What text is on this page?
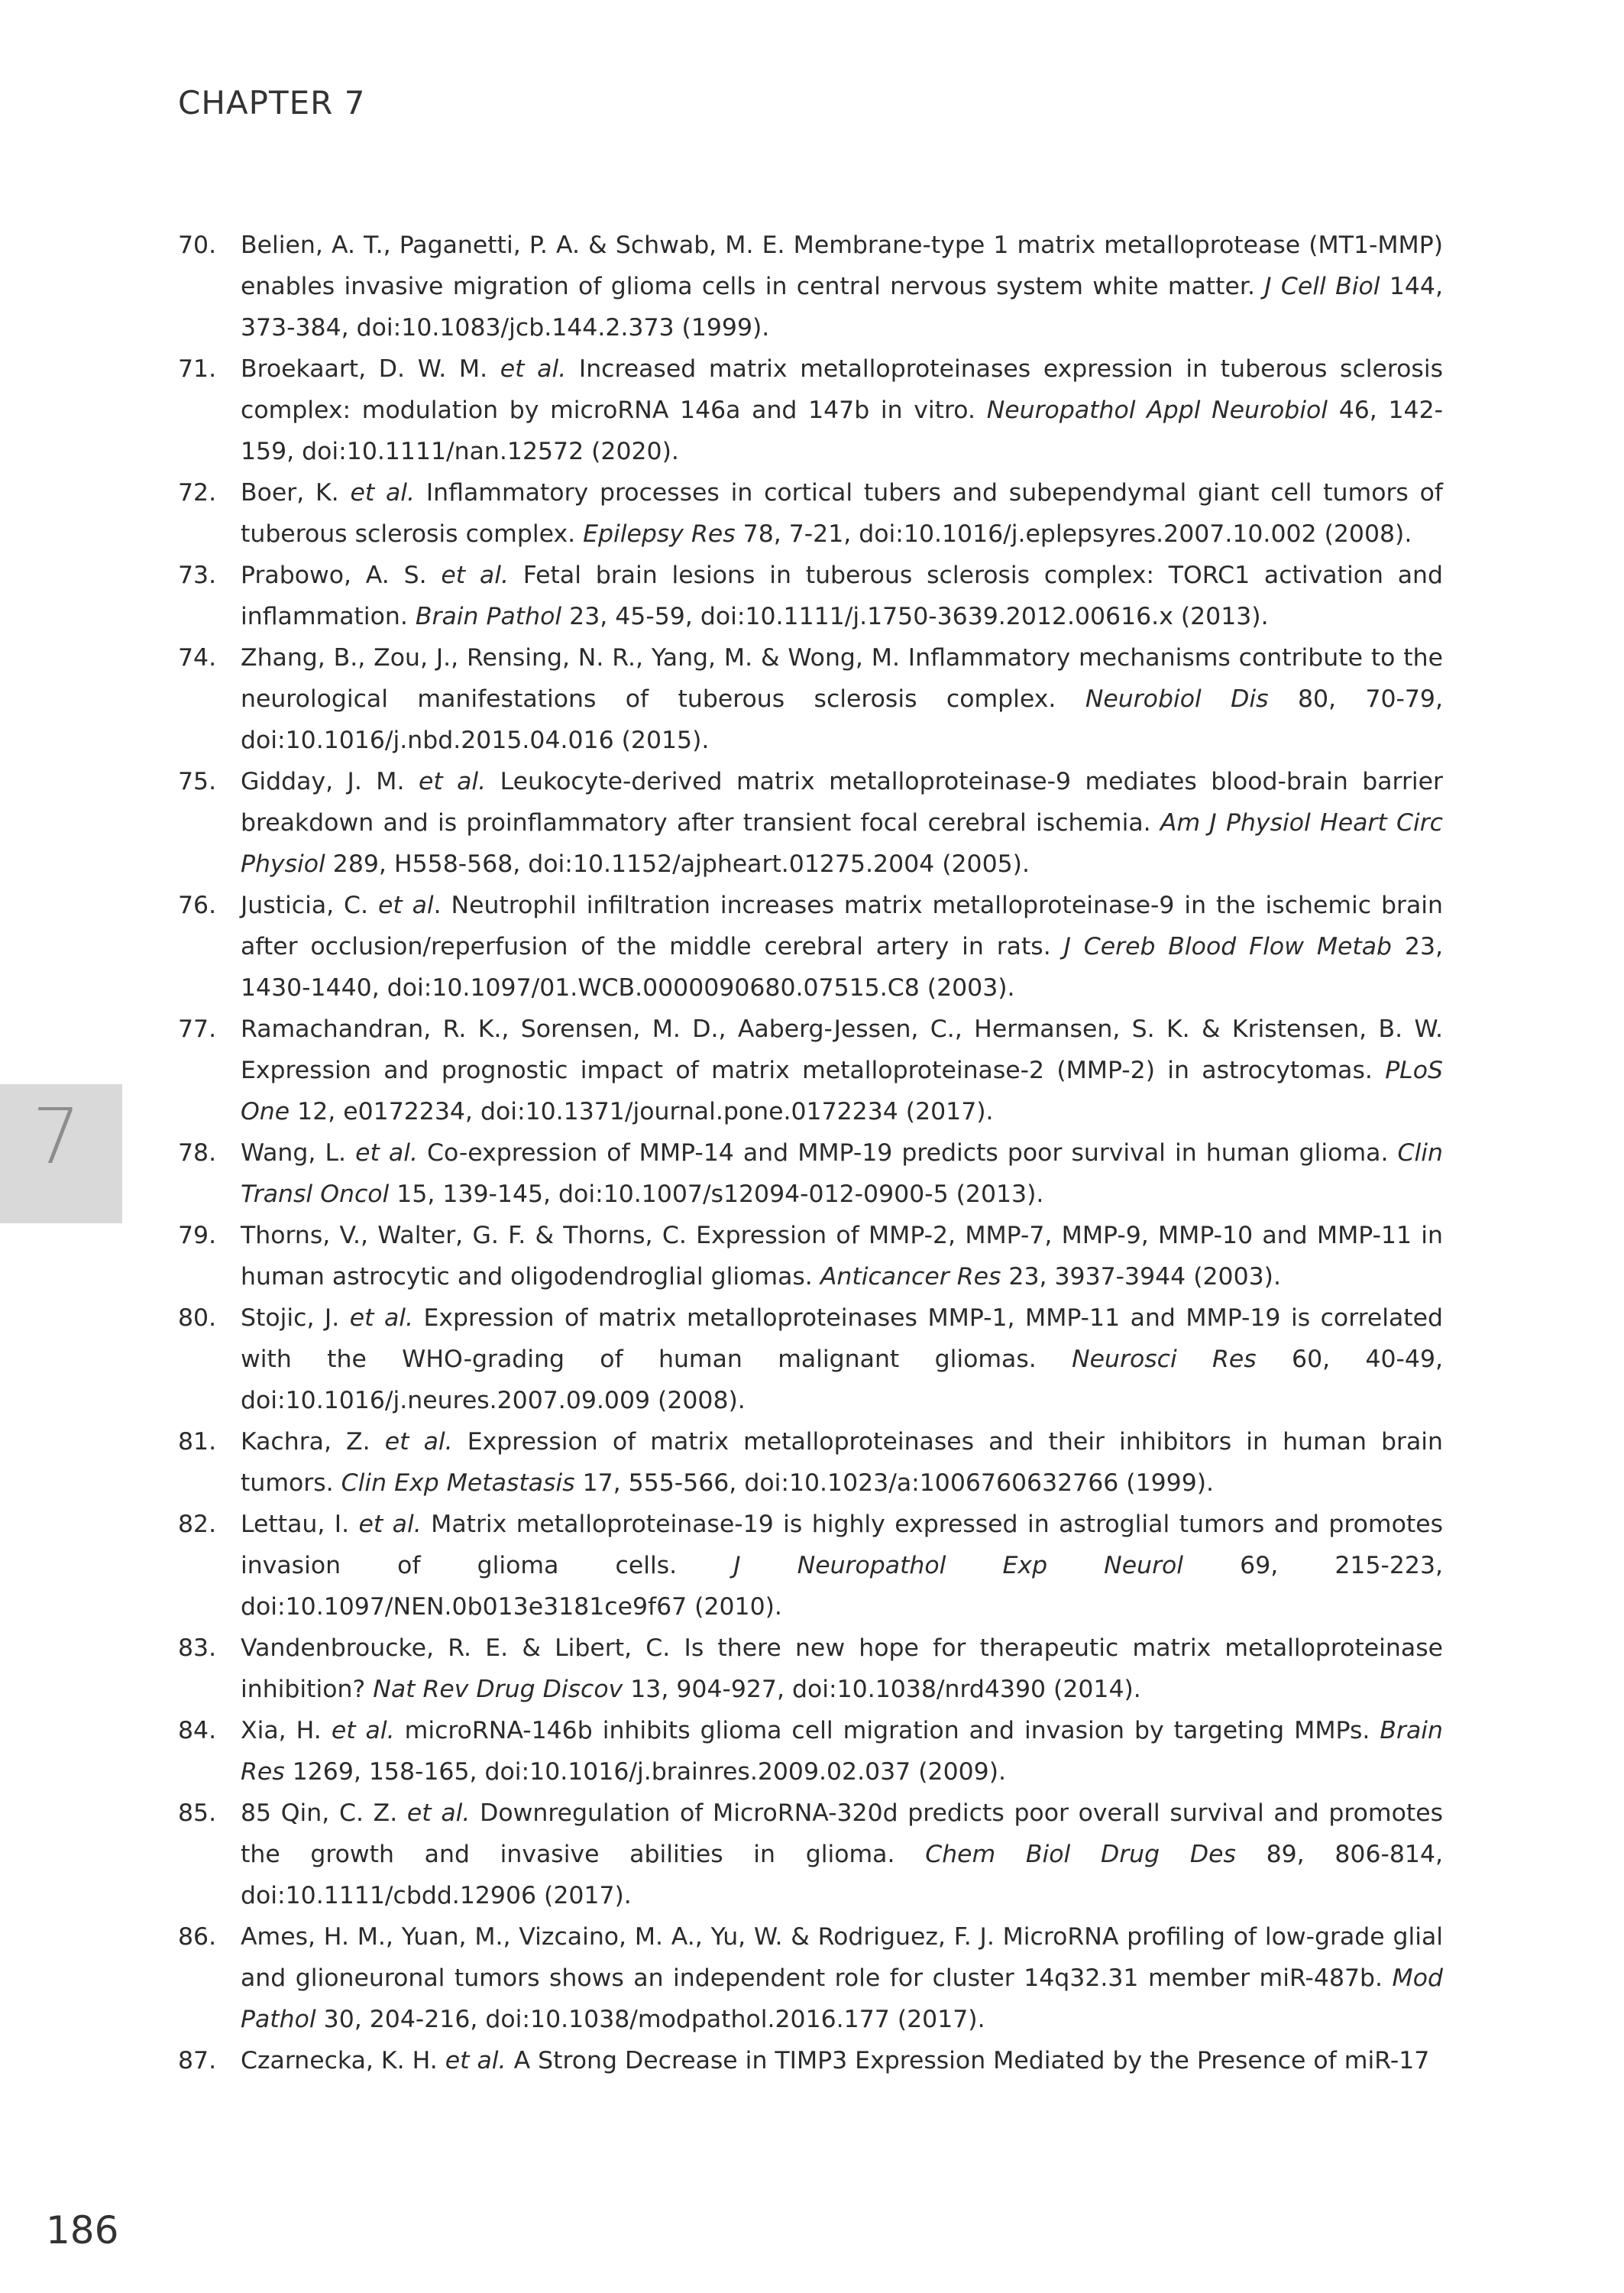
CHAPTER 7
7
70. Belien, A. T., Paganetti, P. A. & Schwab, M. E. Membrane-type 1 matrix metalloprotease (MT1-MMP) enables invasive migration of glioma cells in central nervous system white matter. J Cell Biol 144, 373-384, doi:10.1083/jcb.144.2.373 (1999).
71. Broekaart, D. W. M. et al. Increased matrix metalloproteinases expression in tuberous sclerosis complex: modulation by microRNA 146a and 147b in vitro. Neuropathol Appl Neurobiol 46, 142-159, doi:10.1111/nan.12572 (2020).
72. Boer, K. et al. Inflammatory processes in cortical tubers and subependymal giant cell tumors of tuberous sclerosis complex. Epilepsy Res 78, 7-21, doi:10.1016/j.eplepsyres.2007.10.002 (2008).
73. Prabowo, A. S. et al. Fetal brain lesions in tuberous sclerosis complex: TORC1 activation and inflammation. Brain Pathol 23, 45-59, doi:10.1111/j.1750-3639.2012.00616.x (2013).
74. Zhang, B., Zou, J., Rensing, N. R., Yang, M. & Wong, M. Inflammatory mechanisms contribute to the neurological manifestations of tuberous sclerosis complex. Neurobiol Dis 80, 70-79, doi:10.1016/j.nbd.2015.04.016 (2015).
75. Gidday, J. M. et al. Leukocyte-derived matrix metalloproteinase-9 mediates blood-brain barrier breakdown and is proinflammatory after transient focal cerebral ischemia. Am J Physiol Heart Circ Physiol 289, H558-568, doi:10.1152/ajpheart.01275.2004 (2005).
76. Justicia, C. et al. Neutrophil infiltration increases matrix metalloproteinase-9 in the ischemic brain after occlusion/reperfusion of the middle cerebral artery in rats. J Cereb Blood Flow Metab 23, 1430-1440, doi:10.1097/01.WCB.0000090680.07515.C8 (2003).
77. Ramachandran, R. K., Sorensen, M. D., Aaberg-Jessen, C., Hermansen, S. K. & Kristensen, B. W. Expression and prognostic impact of matrix metalloproteinase-2 (MMP-2) in astrocytomas. PLoS One 12, e0172234, doi:10.1371/journal.pone.0172234 (2017).
78. Wang, L. et al. Co-expression of MMP-14 and MMP-19 predicts poor survival in human glioma. Clin Transl Oncol 15, 139-145, doi:10.1007/s12094-012-0900-5 (2013).
79. Thorns, V., Walter, G. F. & Thorns, C. Expression of MMP-2, MMP-7, MMP-9, MMP-10 and MMP-11 in human astrocytic and oligodendroglial gliomas. Anticancer Res 23, 3937-3944 (2003).
80. Stojic, J. et al. Expression of matrix metalloproteinases MMP-1, MMP-11 and MMP-19 is correlated with the WHO-grading of human malignant gliomas. Neurosci Res 60, 40-49, doi:10.1016/j.neures.2007.09.009 (2008).
81. Kachra, Z. et al. Expression of matrix metalloproteinases and their inhibitors in human brain tumors. Clin Exp Metastasis 17, 555-566, doi:10.1023/a:1006760632766 (1999).
82. Lettau, I. et al. Matrix metalloproteinase-19 is highly expressed in astroglial tumors and promotes invasion of glioma cells. J Neuropathol Exp Neurol 69, 215-223, doi:10.1097/NEN.0b013e3181ce9f67 (2010).
83. Vandenbroucke, R. E. & Libert, C. Is there new hope for therapeutic matrix metalloproteinase inhibition? Nat Rev Drug Discov 13, 904-927, doi:10.1038/nrd4390 (2014).
84. Xia, H. et al. microRNA-146b inhibits glioma cell migration and invasion by targeting MMPs. Brain Res 1269, 158-165, doi:10.1016/j.brainres.2009.02.037 (2009).
85. 85 Qin, C. Z. et al. Downregulation of MicroRNA-320d predicts poor overall survival and promotes the growth and invasive abilities in glioma. Chem Biol Drug Des 89, 806-814, doi:10.1111/cbdd.12906 (2017).
86. Ames, H. M., Yuan, M., Vizcaino, M. A., Yu, W. & Rodriguez, F. J. MicroRNA profiling of low-grade glial and glioneuronal tumors shows an independent role for cluster 14q32.31 member miR-487b. Mod Pathol 30, 204-216, doi:10.1038/modpathol.2016.177 (2017).
87. Czarnecka, K. H. et al. A Strong Decrease in TIMP3 Expression Mediated by the Presence of miR-17
186
